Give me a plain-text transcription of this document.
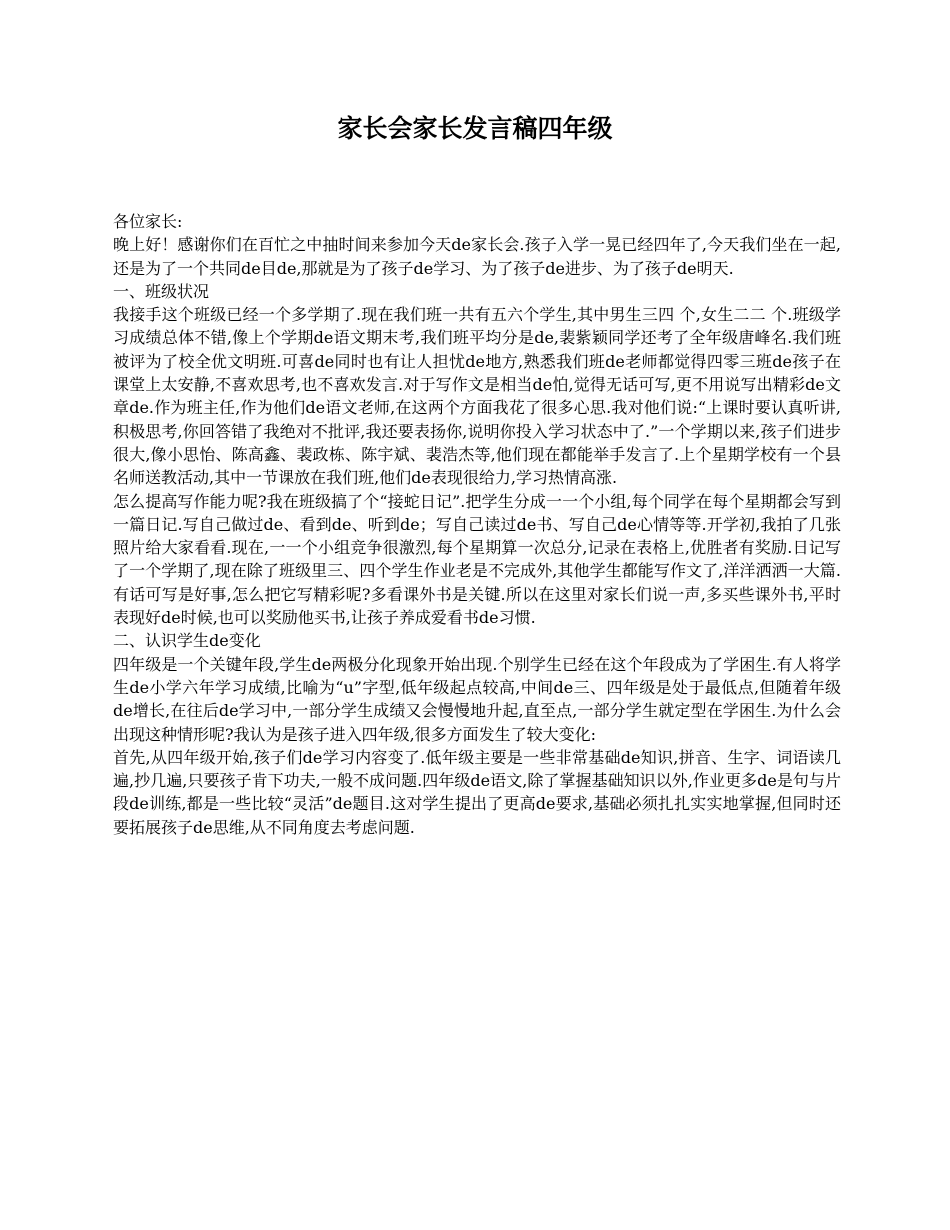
家长会家长发言稿四年级

各位家长:

晚上好！感谢你们在百忙之中抽时间来参加今天de家长会.孩子入学一晃已经四年了,今天我们坐在一起,还是为了一个共同de目de,那就是为了孩子de学习、为了孩子de进步、为了孩子de明天.

一、班级状况

我接手这个班级已经一个多学期了.现在我们班一共有五六个学生,其中男生三四 个,女生二二 个.班级学习成绩总体不错,像上个学期de语文期末考,我们班平均分是de,裴紫颖同学还考了全年级唐峰名.我们班被评为了校全优文明班.可喜de同时也有让人担忧de地方,熟悉我们班de老师都觉得四零三班de孩子在课堂上太安静,不喜欢思考,也不喜欢发言.对于写作文是相当de怕,觉得无话可写,更不用说写出精彩de文章de.作为班主任,作为他们de语文老师,在这两个方面我花了很多心思.我对他们说:“上课时要认真听讲,积极思考,你回答错了我绝对不批评,我还要表扬你,说明你投入学习状态中了.”一个学期以来,孩子们进步很大,像小思怡、陈高鑫、裴政栋、陈宇斌、裴浩杰等,他们现在都能举手发言了.上个星期学校有一个县名师送教活动,其中一节课放在我们班,他们de表现很给力,学习热情高涨.

怎么提高写作能力呢?我在班级搞了个“接蛇日记”.把学生分成一一个小组,每个同学在每个星期都会写到一篇日记.写自己做过de、看到de、听到de；写自己读过de书、写自己de心情等等.开学初,我拍了几张照片给大家看看.现在,一一个小组竞争很激烈,每个星期算一次总分,记录在表格上,优胜者有奖励.日记写了一个学期了,现在除了班级里三、四个学生作业老是不完成外,其他学生都能写作文了,洋洋洒洒一大篇.有话可写是好事,怎么把它写精彩呢?多看课外书是关键.所以在这里对家长们说一声,多买些课外书,平时表现好de时候,也可以奖励他买书,让孩子养成爱看书de习惯.

二、认识学生de变化

四年级是一个关键年段,学生de两极分化现象开始出现.个别学生已经在这个年段成为了学困生.有人将学生de小学六年学习成绩,比喻为“u”字型,低年级起点较高,中间de三、四年级是处于最低点,但随着年级de增长,在往后de学习中,一部分学生成绩又会慢慢地升起,直至点,一部分学生就定型在学困生.为什么会出现这种情形呢?我认为是孩子进入四年级,很多方面发生了较大变化:

首先,从四年级开始,孩子们de学习内容变了.低年级主要是一些非常基础de知识,拼音、生字、词语读几遍,抄几遍,只要孩子肯下功夫,一般不成问题.四年级de语文,除了掌握基础知识以外,作业更多de是句与片段de训练,都是一些比较“灵活”de题目.这对学生提出了更高de要求,基础必须扎扎实实地掌握,但同时还要拓展孩子de思维,从不同角度去考虑问题.
